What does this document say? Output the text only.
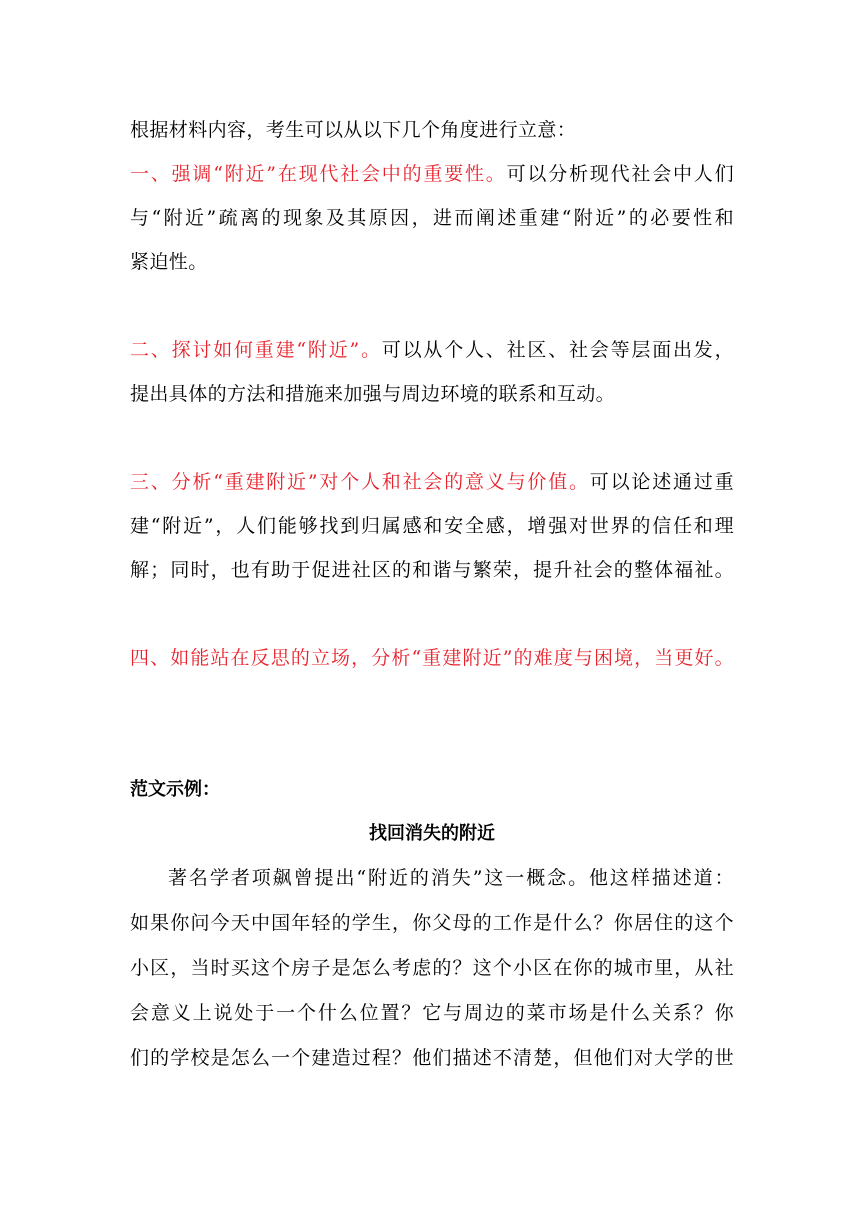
根据材料内容，考生可以从以下几个角度进行立意：
一、强调“附近”在现代社会中的重要性。可以分析现代社会中人们
与“附近”疏离的现象及其原因，进而阐述重建“附近”的必要性和
紧迫性。
二、探讨如何重建“附近”。可以从个人、社区、社会等层面出发，
提出具体的方法和措施来加强与周边环境的联系和互动。
三、分析“重建附近”对个人和社会的意义与价值。可以论述通过重
建“附近”，人们能够找到归属感和安全感，增强对世界的信任和理
解；同时，也有助于促进社区的和谐与繁荣，提升社会的整体福祉。
四、如能站在反思的立场，分析“重建附近”的难度与困境，当更好。
范文示例：
找回消失的附近
著名学者项飙曾提出“附近的消失”这一概念。他这样描述道：
如果你问今天中国年轻的学生，你父母的工作是什么？你居住的这个
小区，当时买这个房子是怎么考虑的？这个小区在你的城市里，从社
会意义上说处于一个什么位置？它与周边的菜市场是什么关系？你
们的学校是怎么一个建造过程？他们描述不清楚，但他们对大学的世
